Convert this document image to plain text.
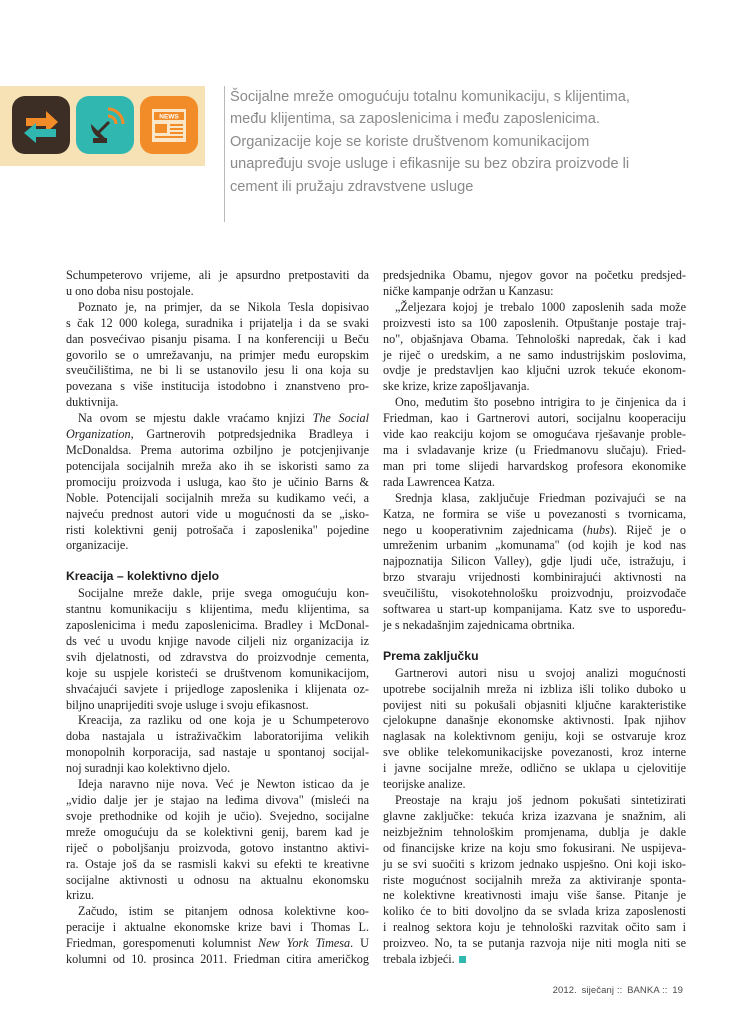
NEWS
Šocijalne mreže omogućuju totalnu komunikaciju, s klijentima,
među klijentima, sa zaposlenicima i među zaposlenicima.
Organizacije koje se koriste društvenom komunikacijom
unapređuju svoje usluge i efikasnije su bez obzira proizvode li
cement ili pružaju zdravstvene usluge

Schumpeterovo vrijeme, ali je apsurdno pretpostaviti da

u ono doba nisu postojale.

Poznato je, na primjer, da se Nikola Tesla dopisivao

s čak 12 000 kolega, suradnika i prijatelja i da se svaki

dan posvećivao pisanju pisama. I na konferenciji u Beču

govorilo se o umrežavanju, na primjer među europskim

sveučilištima, ne bi li se ustanovilo jesu li ona koja su

povezana s više institucija istodobno i znanstveno pro-

duktivnija.

Na ovom se mjestu dakle vraćamo knjizi The Social

Organization, Gartnerovih potpredsjednika Bradleya i

McDonaldsa. Prema autorima ozbiljno je potcjenjivanje

potencijala socijalnih mreža ako ih se iskoristi samo za

promociju proizvoda i usluga, kao što je učinio Barns &

Noble. Potencijali socijalnih mreža su kudikamo veći, a

najveću prednost autori vide u mogućnosti da se „isko-

risti kolektivni genij potrošača i zaposlenika" pojedine

organizacije.

Kreacija – kolektivno djelo

Socijalne mreže dakle, prije svega omogućuju kon-

stantnu komunikaciju s klijentima, među klijentima, sa

zaposlenicima i među zaposlenicima. Bradley i McDonal-

ds već u uvodu knjige navode ciljeli niz organizacija iz

svih djelatnosti, od zdravstva do proizvodnje cementa,

koje su uspjele koristeći se društvenom komunikacijom,

shvaćajući savjete i prijedloge zaposlenika i klijenata oz-

biljno unaprijediti svoje usluge i svoju efikasnost.

Kreacija, za razliku od one koja je u Schumpeterovo

doba nastajala u istraživačkim laboratorijima velikih

monopolnih korporacija, sad nastaje u spontanoj socijal-

noj suradnji kao kolektivno djelo.

Ideja naravno nije nova. Već je Newton isticao da je

„vidio dalje jer je stajao na leđima divova" (misleći na

svoje prethodnike od kojih je učio). Svejedno, socijalne

mreže omogućuju da se kolektivni genij, barem kad je

riječ o poboljšanju proizvoda, gotovo instantno aktivi-

ra. Ostaje još da se rasmisli kakvi su efekti te kreativne

socijalne aktivnosti u odnosu na aktualnu ekonomsku

krizu.

Začudo, istim se pitanjem odnosa kolektivne koo-

peracije i aktualne ekonomske krize bavi i Thomas L.

Friedman, gorespomenuti kolumnist New York Timesa. U

kolumni od 10. prosinca 2011. Friedman citira američkog

predsjednika Obamu, njegov govor na početku predsjed-

ničke kampanje održan u Kanzasu:

„Željezara kojoj je trebalo 1000 zaposlenih sada može

proizvesti isto sa 100 zaposlenih. Otpuštanje postaje traj-

no", objašnjava Obama. Tehnološki napredak, čak i kad

je riječ o uredskim, a ne samo industrijskim poslovima,

ovdje je predstavljen kao ključni uzrok tekuće ekonom-

ske krize, krize zapošljavanja.

Ono, međutim što posebno intrigira to je činjenica da i

Friedman, kao i Gartnerovi autori, socijalnu kooperaciju

vide kao reakciju kojom se omogućava rješavanje proble-

ma i svladavanje krize (u Friedmanovu slučaju). Fried-

man pri tome slijedi harvardskog profesora ekonomike

rada Lawrencea Katza.

Srednja klasa, zaključuje Friedman pozivajući se na

Katza, ne formira se više u povezanosti s tvornicama,

nego u kooperativnim zajednicama (hubs). Riječ je o

umreženim urbanim „komunama" (od kojih je kod nas

najpoznatija Silicon Valley), gdje ljudi uče, istražuju, i

brzo stvaraju vrijednosti kombinirajući aktivnosti na

sveučilištu, visokotehnološku proizvodnju, proizvođače

softwarea u start-up kompanijama. Katz sve to uspoređu-

je s nekadašnjim zajednicama obrtnika.

Prema zaključku

Gartnerovi autori nisu u svojoj analizi mogućnosti

upotrebe socijalnih mreža ni izbliza išli toliko duboko u

povijest niti su pokušali objasniti ključne karakteristike

cjelokupne današnje ekonomske aktivnosti. Ipak njihov

naglasak na kolektivnom geniju, koji se ostvaruje kroz

sve oblike telekomunikacijske povezanosti, kroz interne

i javne socijalne mreže, odlično se uklapa u cjelovitije

teorijske analize.

Preostaje na kraju još jednom pokušati sintetizirati

glavne zaključke: tekuća kriza izazvana je snažnim, ali

neizbježnim tehnološkim promjenama, dublja je dakle

od financijske krize na koju smo fokusirani. Ne uspijeva-

ju se svi suočiti s krizom jednako uspješno. Oni koji isko-

riste mogućnost socijalnih mreža za aktiviranje sponta-

ne kolektivne kreativnosti imaju više šanse. Pitanje je

koliko će to biti dovoljno da se svlada kriza zaposlenosti

i realnog sektora koju je tehnološki razvitak očito sam i

proizveo. No, ta se putanja razvoja nije niti mogla niti se

trebala izbjeći.

2012. siječanj :: BANKA :: 19
